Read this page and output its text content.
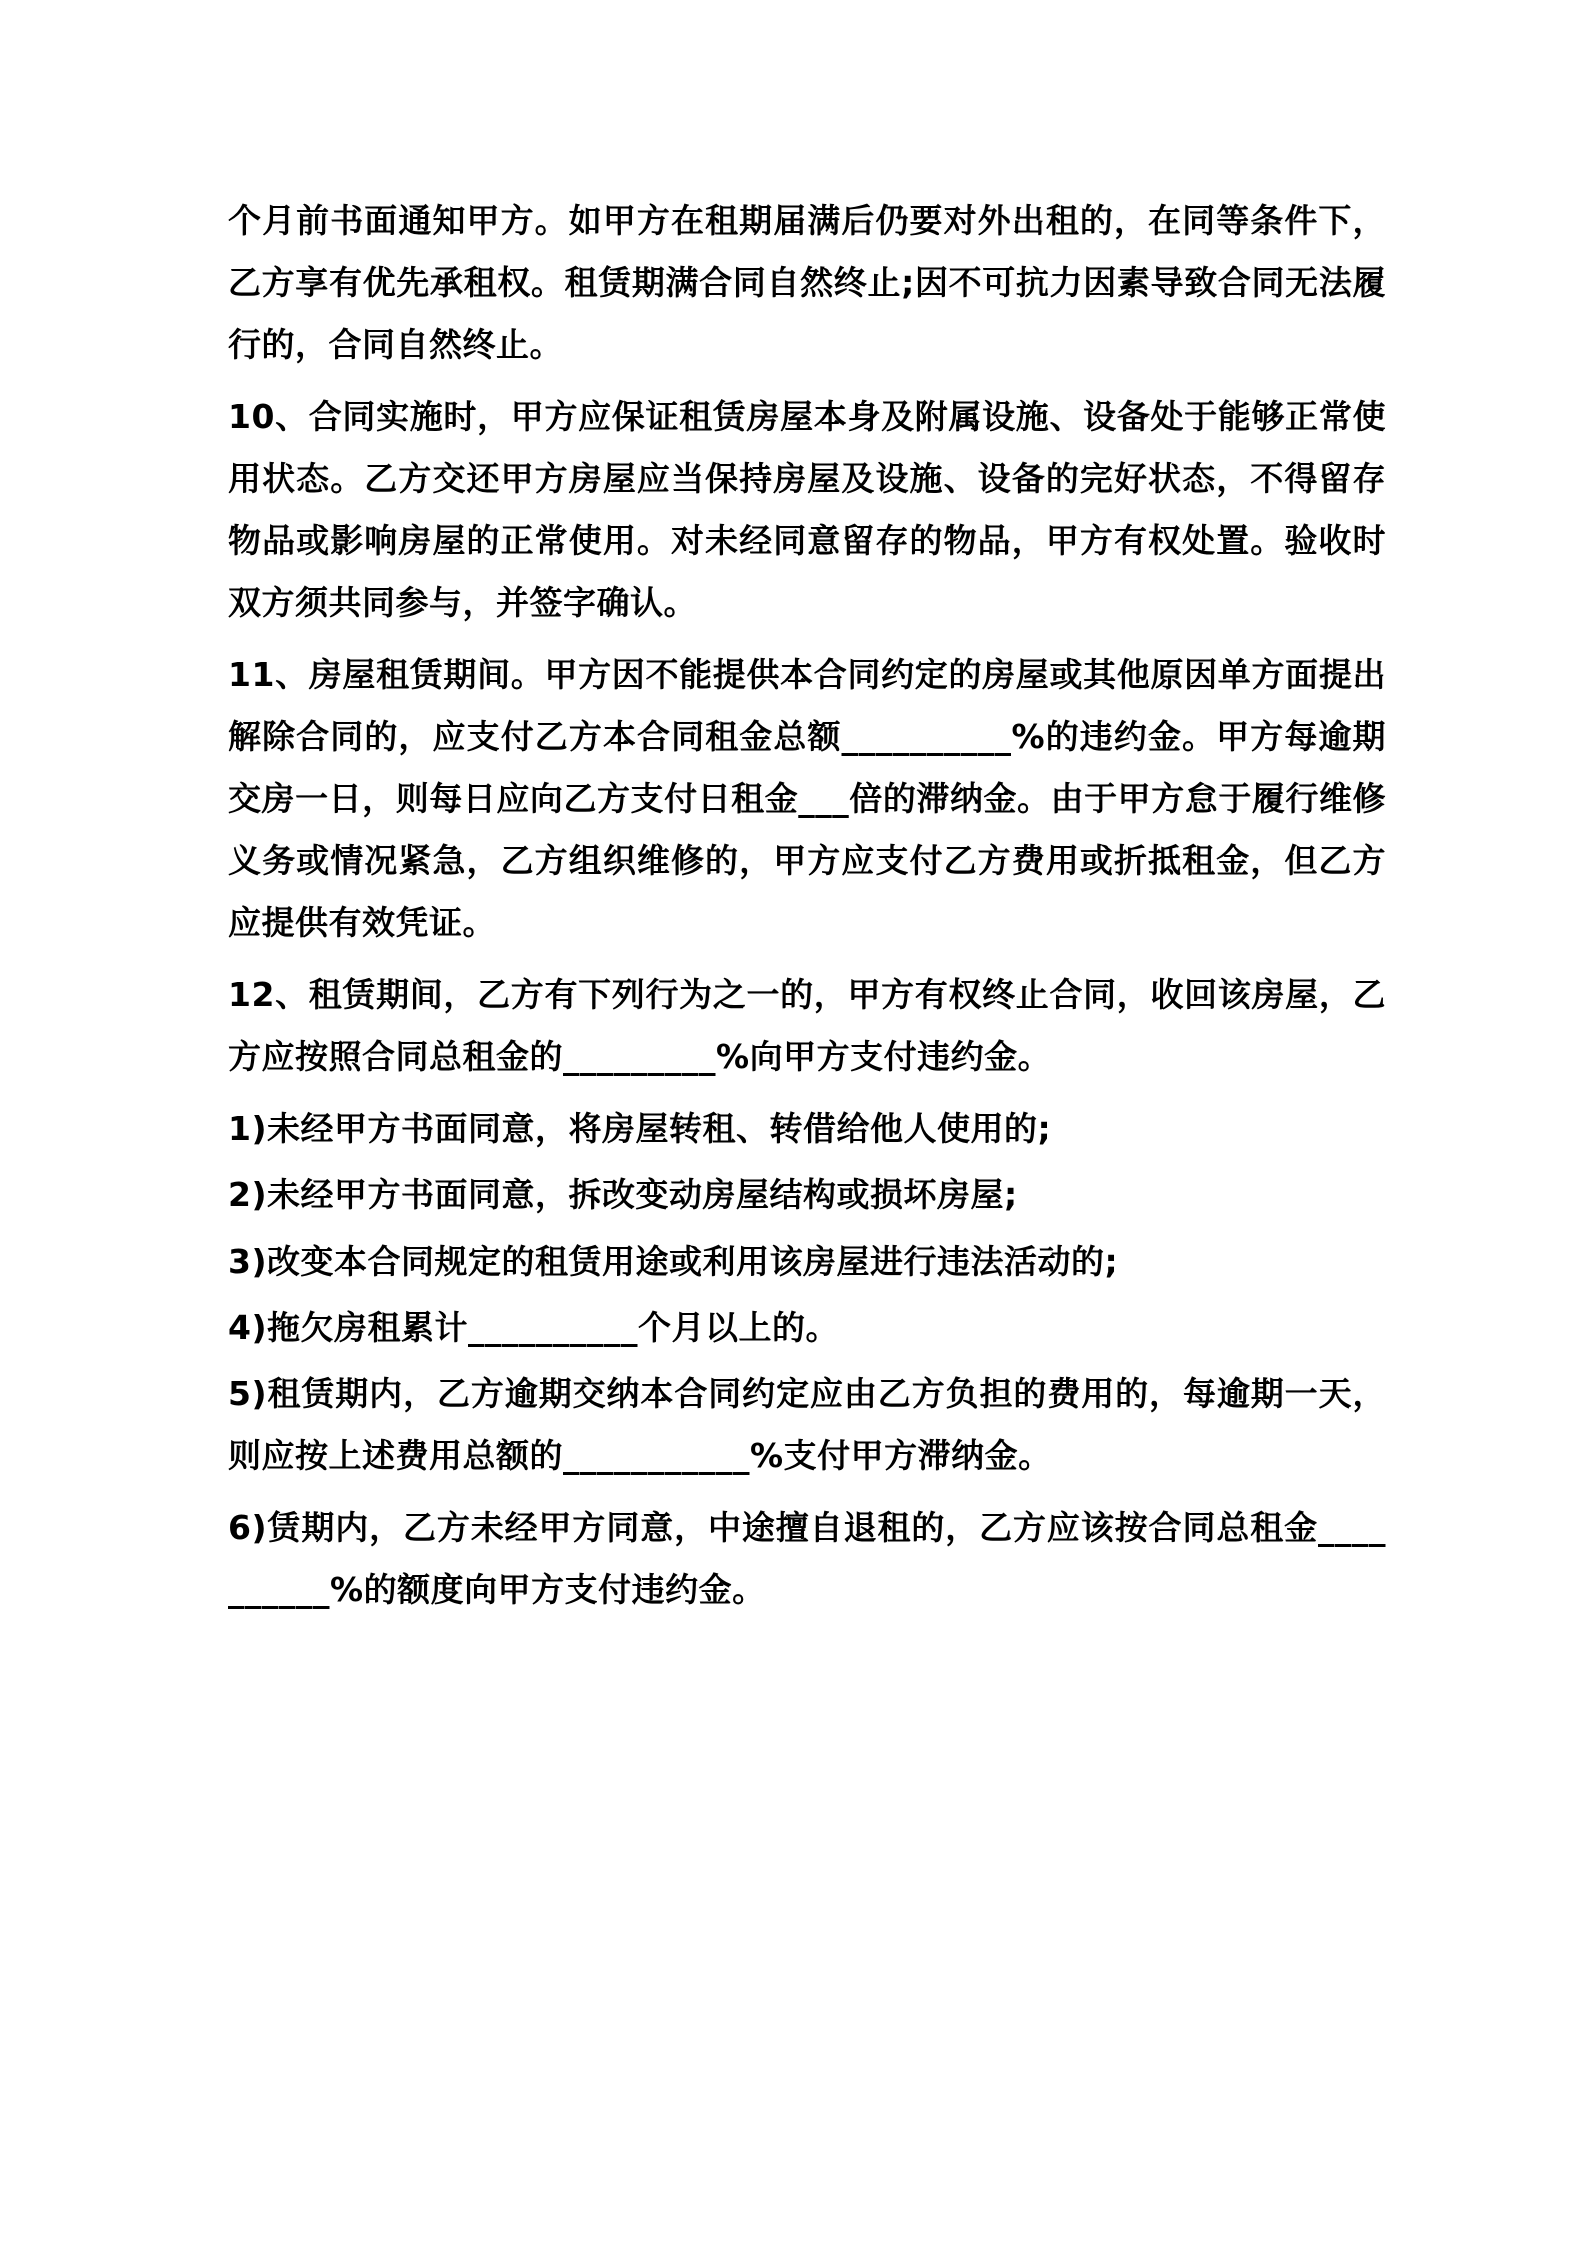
个月前书面通知甲方。如甲方在租期届满后仍要对外出租的，在同等条件下，乙方享有优先承租权。租赁期满合同自然终止;因不可抗力因素导致合同无法履行的，合同自然终止。

10、合同实施时，甲方应保证租赁房屋本身及附属设施、设备处于能够正常使用状态。乙方交还甲方房屋应当保持房屋及设施、设备的完好状态，不得留存物品或影响房屋的正常使用。对未经同意留存的物品，甲方有权处置。验收时双方须共同参与，并签字确认。

11、房屋租赁期间。甲方因不能提供本合同约定的房屋或其他原因单方面提出解除合同的，应支付乙方本合同租金总额__________%的违约金。甲方每逾期交房一日，则每日应向乙方支付日租金___倍的滞纳金。由于甲方怠于履行维修义务或情况紧急，乙方组织维修的，甲方应支付乙方费用或折抵租金，但乙方应提供有效凭证。

12、租赁期间，乙方有下列行为之一的，甲方有权终止合同，收回该房屋，乙方应按照合同总租金的_________%向甲方支付违约金。

1)未经甲方书面同意，将房屋转租、转借给他人使用的;

2)未经甲方书面同意，拆改变动房屋结构或损坏房屋;

3)改变本合同规定的租赁用途或利用该房屋进行违法活动的;

4)拖欠房租累计__________个月以上的。

5)租赁期内，乙方逾期交纳本合同约定应由乙方负担的费用的，每逾期一天，则应按上述费用总额的___________%支付甲方滞纳金。

6)赁期内，乙方未经甲方同意，中途擅自退租的，乙方应该按合同总租金__________%的额度向甲方支付违约金。
